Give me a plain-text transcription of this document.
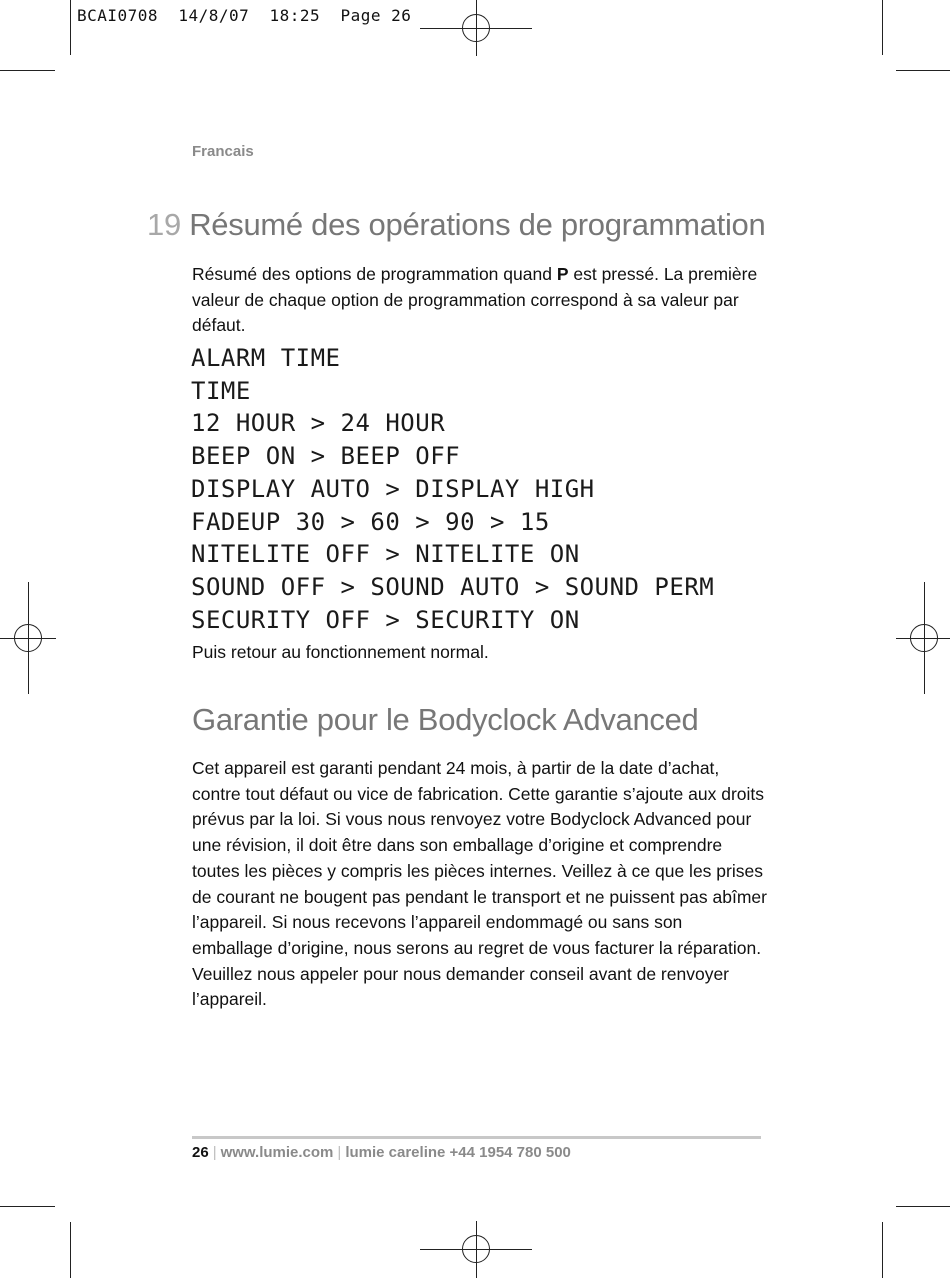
BCAI0708  14/8/07  18:25  Page 26
Francais
19 Résumé des opérations de programmation
Résumé des options de programmation quand P est pressé. La première valeur de chaque option de programmation correspond à sa valeur par défaut.
ALARM TIME
TIME
12 HOUR > 24 HOUR
BEEP ON > BEEP OFF
DISPLAY AUTO > DISPLAY HIGH
FADEUP 30 > 60 > 90 > 15
NITELITE OFF > NITELITE ON
SOUND OFF > SOUND AUTO > SOUND PERM
SECURITY OFF > SECURITY ON
Puis retour au fonctionnement normal.
Garantie pour le Bodyclock Advanced
Cet appareil est garanti pendant 24 mois, à partir de la date d’achat, contre tout défaut ou vice de fabrication. Cette garantie s’ajoute aux droits prévus par la loi. Si vous nous renvoyez votre Bodyclock Advanced pour une révision, il doit être dans son emballage d’origine et comprendre toutes les pièces y compris les pièces internes. Veillez à ce que les prises de courant ne bougent pas pendant le transport et ne puissent pas abîmer l’appareil. Si nous recevons l’appareil endommagé ou sans son emballage d’origine, nous serons au regret de vous facturer la réparation. Veuillez nous appeler pour nous demander conseil avant de renvoyer l’appareil.
26 | www.lumie.com | lumie careline +44 1954 780 500
